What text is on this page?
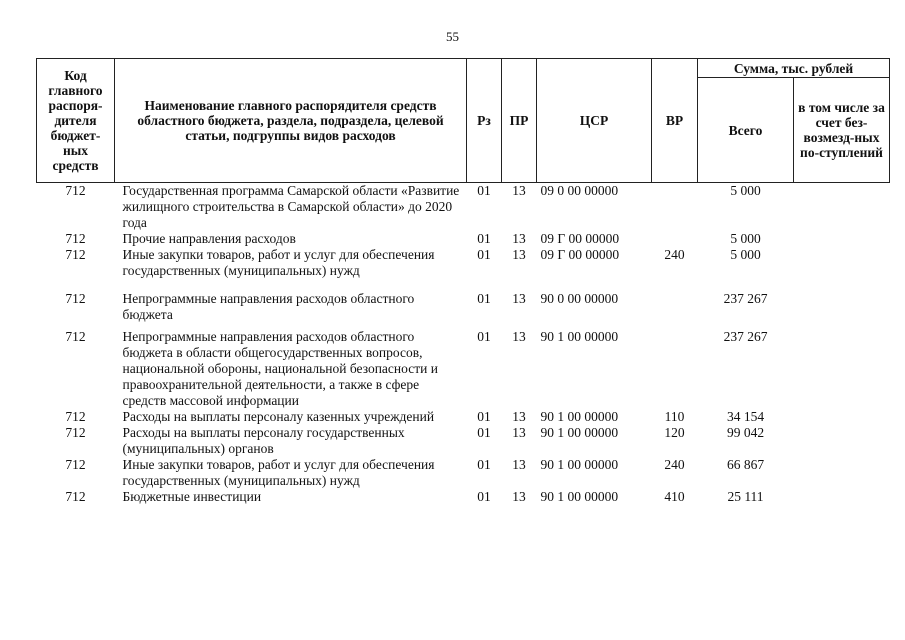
55
Код главного распоря-дителя бюджет-ных средств	Наименование главного распорядителя средств областного бюджета, раздела, подраздела, целевой статьи, подгруппы видов расходов	Рз	ПР	ЦСР	ВР	Сумма, тыс. рублей	
						Всего	в том числе за счет без-возмезд-ных по-ступлений
712	Государственная программа Самарской области «Развитие жилищного строительства в Самарской области» до 2020 года	01	13	09 0 00 00000		5 000	
712	Прочие направления расходов	01	13	09 Г 00 00000		5 000	
712	Иные закупки товаров, работ и услуг для обеспечения государственных (муниципальных) нужд	01	13	09 Г 00 00000	240	5 000	

712	Непрограммные направления расходов областного бюджета	01	13	90 0 00 00000		237 267	

712	Непрограммные направления расходов областного бюджета в области общегосударственных вопросов, национальной обороны, национальной безопасности и правоохранительной деятельности, а также в сфере средств массовой информации	01	13	90 1 00 00000		237 267	
712	Расходы на выплаты персоналу казенных учреждений	01	13	90 1 00 00000	110	34 154	
712	Расходы на выплаты персоналу государственных (муниципальных) органов	01	13	90 1 00 00000	120	99 042	
712	Иные закупки товаров, работ и услуг для обеспечения государственных (муниципальных) нужд	01	13	90 1 00 00000	240	66 867	
712	Бюджетные инвестиции	01	13	90 1 00 00000	410	25 111	
